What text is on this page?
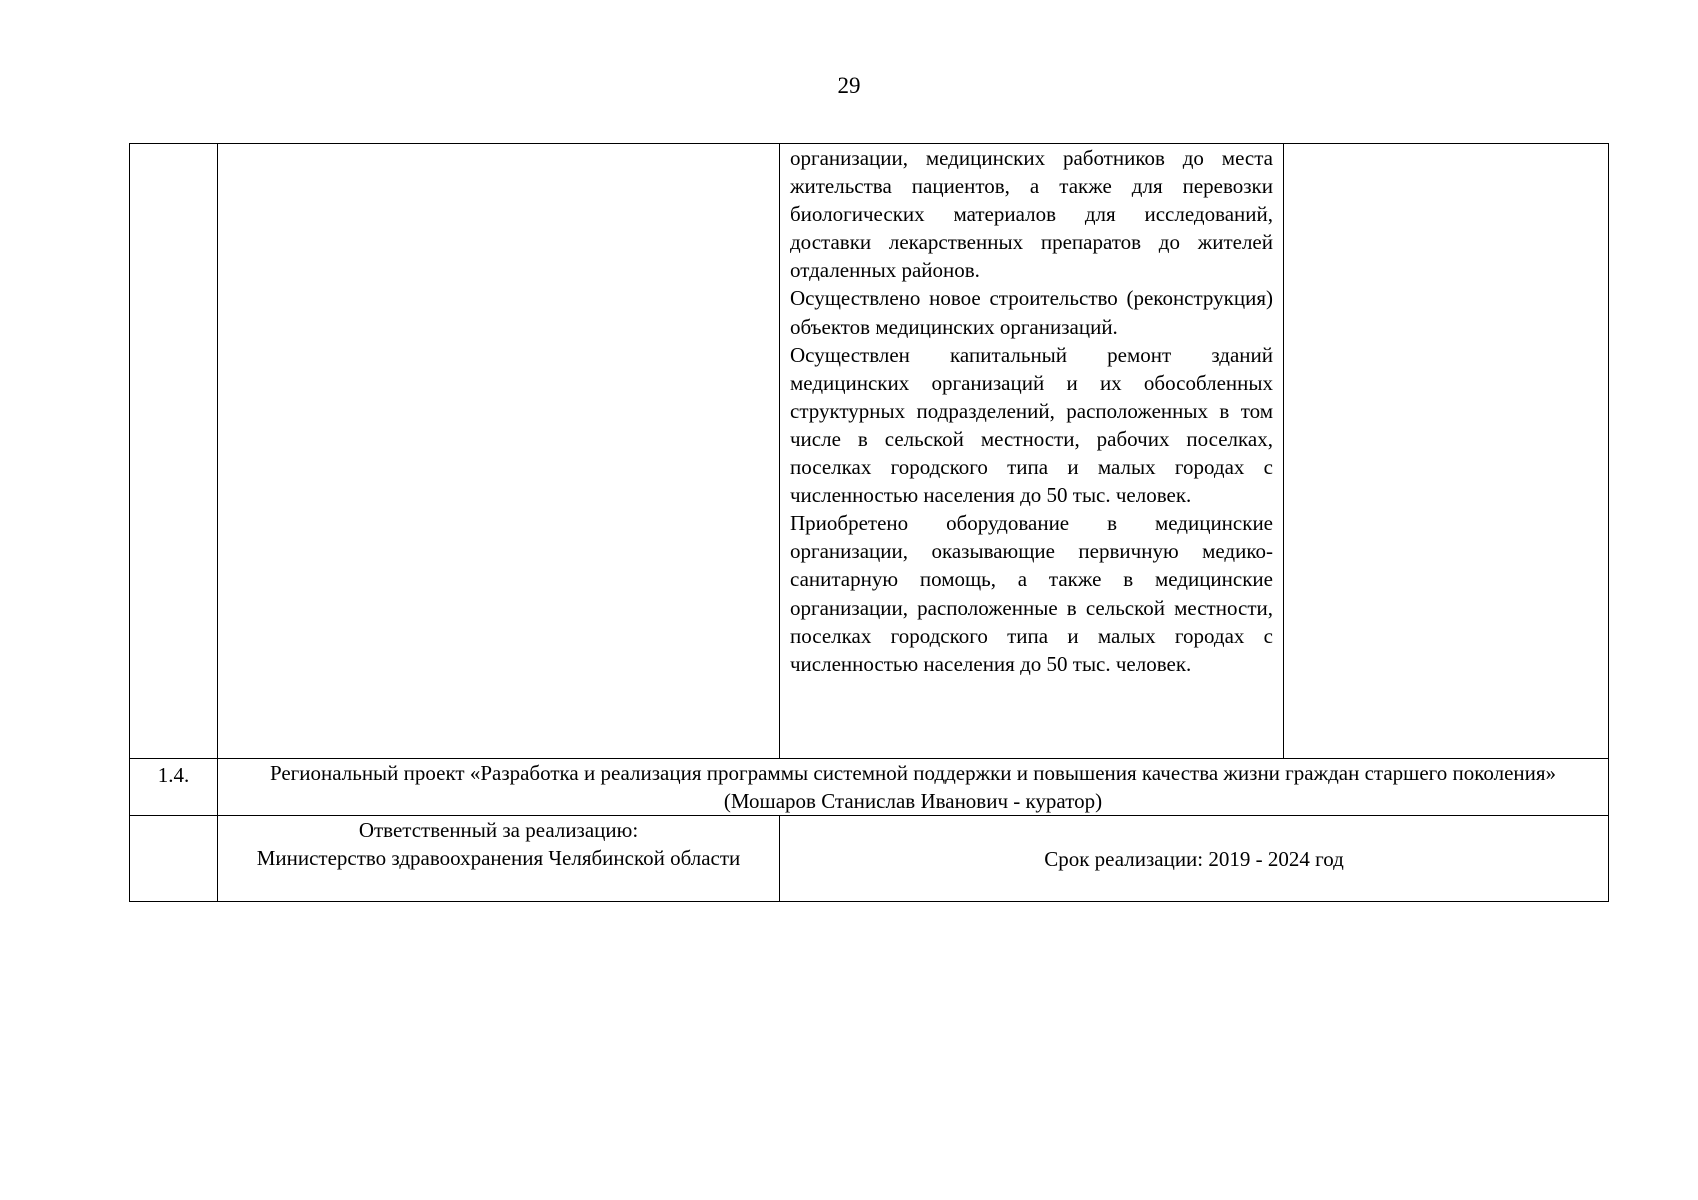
29

		организации, медицинских работников до места жительства пациентов, а также для перевозки биологических материалов для исследований, доставки лекарственных препаратов до жителей отдаленных районов.

Осуществлено новое строительство (реконструкция) объектов медицинских организаций.

Осуществлен капитальный ремонт зданий медицинских организаций и их обособленных структурных подразделений, расположенных в том числе в сельской местности, рабочих поселках, поселках городского типа и малых городах с численностью населения до 50 тыс. человек.

Приобретено оборудование в медицинские организации, оказывающие первичную медико-санитарную помощь, а также в медицинские организации, расположенные в сельской местности, поселках городского типа и малых городах с численностью населения до 50 тыс. человек.	

1.4.	Региональный проект «Разработка и реализация программы системной поддержки и повышения качества жизни граждан старшего поколения» (Мошаров Станислав Иванович - куратор)		

	Ответственный за реализацию:
Министерство здравоохранения Челябинской области	Срок реализации: 2019 - 2024 год	
